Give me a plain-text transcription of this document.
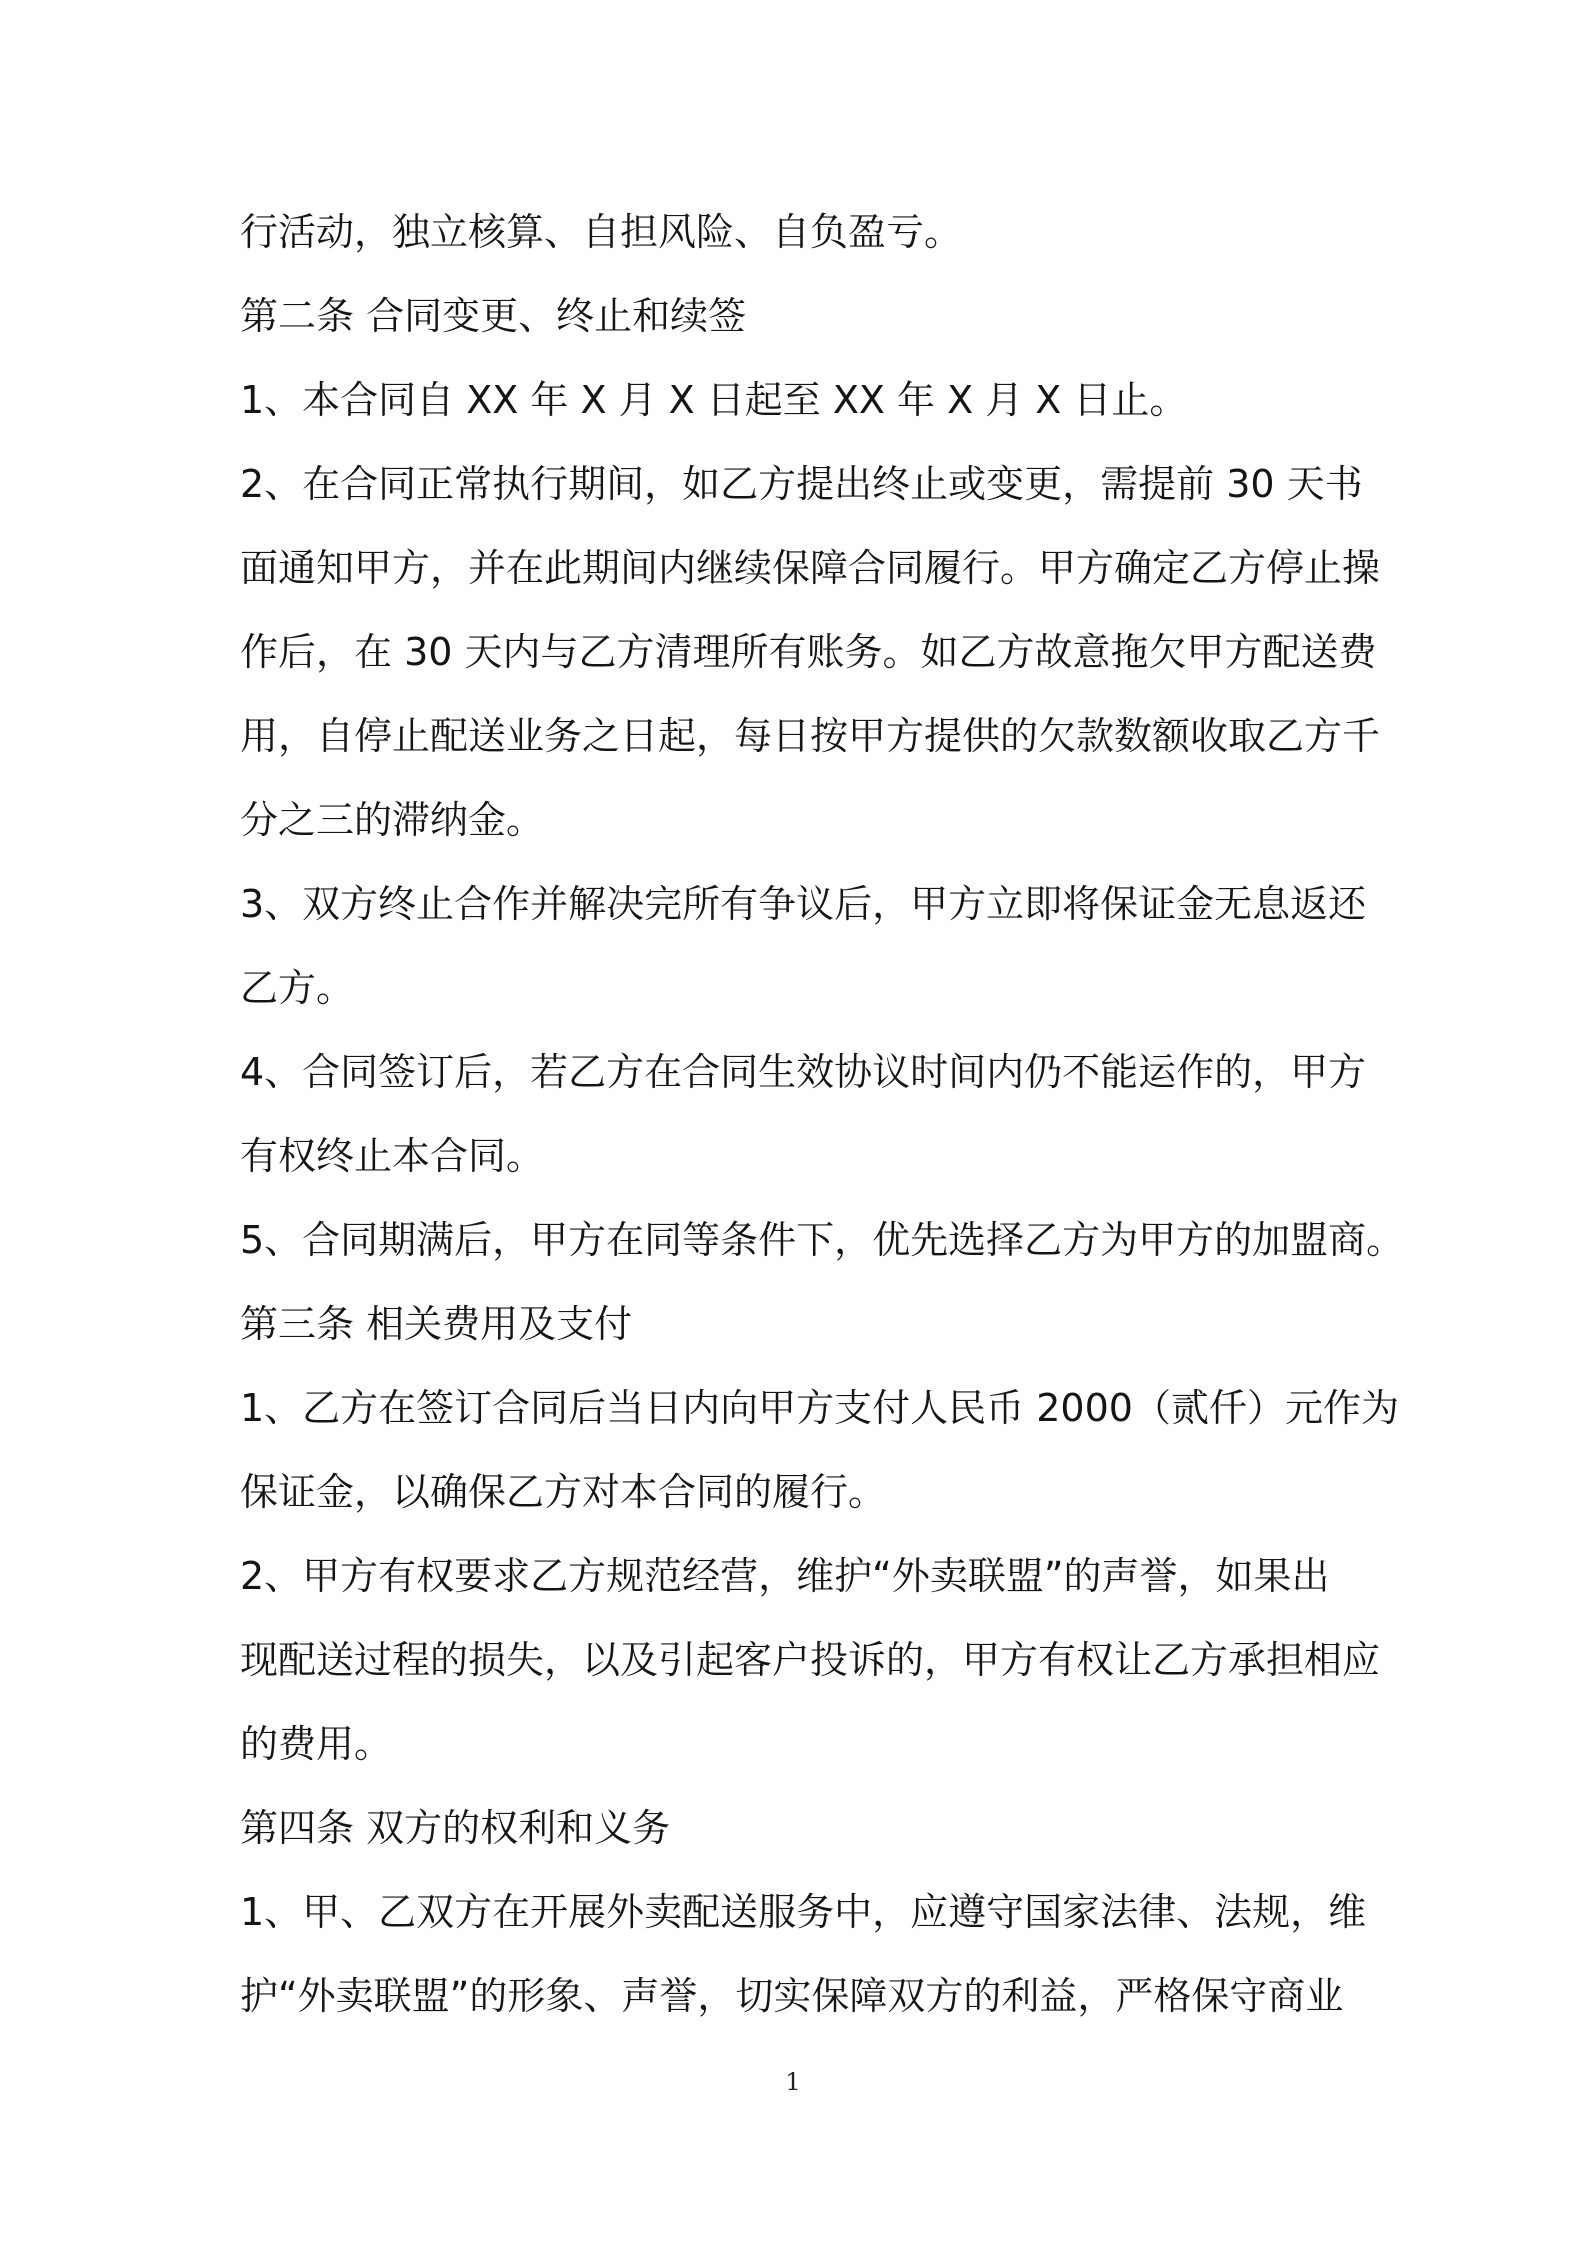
行活动，独立核算、自担风险、自负盈亏。

第二条 合同变更、终止和续签

1、本合同自 XX 年 X 月 X 日起至 XX 年 X 月 X 日止。

2、在合同正常执行期间，如乙方提出终止或变更，需提前 30 天书

面通知甲方，并在此期间内继续保障合同履行。甲方确定乙方停止操

作后，在 30 天内与乙方清理所有账务。如乙方故意拖欠甲方配送费

用，自停止配送业务之日起，每日按甲方提供的欠款数额收取乙方千

分之三的滞纳金。

3、双方终止合作并解决完所有争议后，甲方立即将保证金无息返还

乙方。

4、合同签订后，若乙方在合同生效协议时间内仍不能运作的，甲方

有权终止本合同。

5、合同期满后，甲方在同等条件下，优先选择乙方为甲方的加盟商。

第三条 相关费用及支付

1、乙方在签订合同后当日内向甲方支付人民币 2000（贰仟）元作为

保证金，以确保乙方对本合同的履行。

2、甲方有权要求乙方规范经营，维护“外卖联盟”的声誉，如果出

现配送过程的损失，以及引起客户投诉的，甲方有权让乙方承担相应

的费用。

第四条 双方的权利和义务

1、甲、乙双方在开展外卖配送服务中，应遵守国家法律、法规，维

护“外卖联盟”的形象、声誉，切实保障双方的利益，严格保守商业

1
